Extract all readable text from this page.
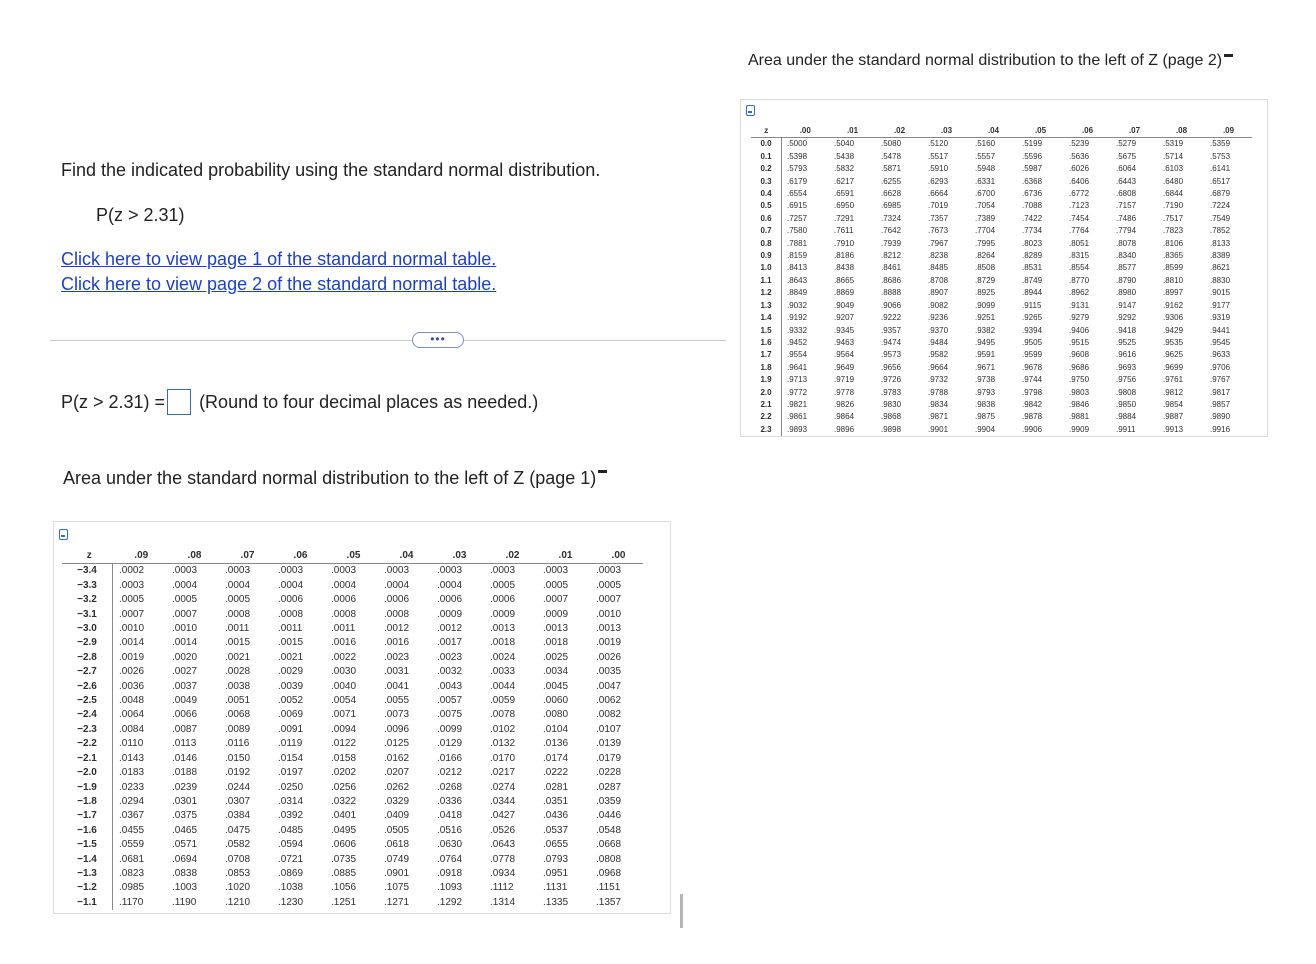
Find the indicated probability using the standard normal distribution.
P(z > 2.31)
Click here to view page 1 of the standard normal table.
Click here to view page 2 of the standard normal table.
•••
P(z > 2.31) = (Round to four decimal places as needed.)
Area under the standard normal distribution to the left of Z (page 1)
z	.09	.08	.07	.06	.05	.04	.03	.02	.01	.00
−3.4	.0002	.0003	.0003	.0003	.0003	.0003	.0003	.0003	.0003	.0003
−3.3	.0003	.0004	.0004	.0004	.0004	.0004	.0004	.0005	.0005	.0005
−3.2	.0005	.0005	.0005	.0006	.0006	.0006	.0006	.0006	.0007	.0007
−3.1	.0007	.0007	.0008	.0008	.0008	.0008	.0009	.0009	.0009	.0010
−3.0	.0010	.0010	.0011	.0011	.0011	.0012	.0012	.0013	.0013	.0013
−2.9	.0014	.0014	.0015	.0015	.0016	.0016	.0017	.0018	.0018	.0019
−2.8	.0019	.0020	.0021	.0021	.0022	.0023	.0023	.0024	.0025	.0026
−2.7	.0026	.0027	.0028	.0029	.0030	.0031	.0032	.0033	.0034	.0035
−2.6	.0036	.0037	.0038	.0039	.0040	.0041	.0043	.0044	.0045	.0047
−2.5	.0048	.0049	.0051	.0052	.0054	.0055	.0057	.0059	.0060	.0062
−2.4	.0064	.0066	.0068	.0069	.0071	.0073	.0075	.0078	.0080	.0082
−2.3	.0084	.0087	.0089	.0091	.0094	.0096	.0099	.0102	.0104	.0107
−2.2	.0110	.0113	.0116	.0119	.0122	.0125	.0129	.0132	.0136	.0139
−2.1	.0143	.0146	.0150	.0154	.0158	.0162	.0166	.0170	.0174	.0179
−2.0	.0183	.0188	.0192	.0197	.0202	.0207	.0212	.0217	.0222	.0228
−1.9	.0233	.0239	.0244	.0250	.0256	.0262	.0268	.0274	.0281	.0287
−1.8	.0294	.0301	.0307	.0314	.0322	.0329	.0336	.0344	.0351	.0359
−1.7	.0367	.0375	.0384	.0392	.0401	.0409	.0418	.0427	.0436	.0446
−1.6	.0455	.0465	.0475	.0485	.0495	.0505	.0516	.0526	.0537	.0548
−1.5	.0559	.0571	.0582	.0594	.0606	.0618	.0630	.0643	.0655	.0668
−1.4	.0681	.0694	.0708	.0721	.0735	.0749	.0764	.0778	.0793	.0808
−1.3	.0823	.0838	.0853	.0869	.0885	.0901	.0918	.0934	.0951	.0968
−1.2	.0985	.1003	.1020	.1038	.1056	.1075	.1093	.1112	.1131	.1151
−1.1	.1170	.1190	.1210	.1230	.1251	.1271	.1292	.1314	.1335	.1357
Area under the standard normal distribution to the left of Z (page 2)
z	.00	.01	.02	.03	.04	.05	.06	.07	.08	.09
0.0	.5000	.5040	.5080	.5120	.5160	.5199	.5239	.5279	.5319	.5359
0.1	.5398	.5438	.5478	.5517	.5557	.5596	.5636	.5675	.5714	.5753
0.2	.5793	.5832	.5871	.5910	.5948	.5987	.6026	.6064	.6103	.6141
0.3	.6179	.6217	.6255	.6293	.6331	.6368	.6406	.6443	.6480	.6517
0.4	.6554	.6591	.6628	.6664	.6700	.6736	.6772	.6808	.6844	.6879
0.5	.6915	.6950	.6985	.7019	.7054	.7088	.7123	.7157	.7190	.7224
0.6	.7257	.7291	.7324	.7357	.7389	.7422	.7454	.7486	.7517	.7549
0.7	.7580	.7611	.7642	.7673	.7704	.7734	.7764	.7794	.7823	.7852
0.8	.7881	.7910	.7939	.7967	.7995	.8023	.8051	.8078	.8106	.8133
0.9	.8159	.8186	.8212	.8238	.8264	.8289	.8315	.8340	.8365	.8389
1.0	.8413	.8438	.8461	.8485	.8508	.8531	.8554	.8577	.8599	.8621
1.1	.8643	.8665	.8686	.8708	.8729	.8749	.8770	.8790	.8810	.8830
1.2	.8849	.8869	.8888	.8907	.8925	.8944	.8962	.8980	.8997	.9015
1.3	.9032	.9049	.9066	.9082	.9099	.9115	.9131	.9147	.9162	.9177
1.4	.9192	.9207	.9222	.9236	.9251	.9265	.9279	.9292	.9306	.9319
1.5	.9332	.9345	.9357	.9370	.9382	.9394	.9406	.9418	.9429	.9441
1.6	.9452	.9463	.9474	.9484	.9495	.9505	.9515	.9525	.9535	.9545
1.7	.9554	.9564	.9573	.9582	.9591	.9599	.9608	.9616	.9625	.9633
1.8	.9641	.9649	.9656	.9664	.9671	.9678	.9686	.9693	.9699	.9706
1.9	.9713	.9719	.9726	.9732	.9738	.9744	.9750	.9756	.9761	.9767
2.0	.9772	.9778	.9783	.9788	.9793	.9798	.9803	.9808	.9812	.9817
2.1	.9821	.9826	.9830	.9834	.9838	.9842	.9846	.9850	.9854	.9857
2.2	.9861	.9864	.9868	.9871	.9875	.9878	.9881	.9884	.9887	.9890
2.3	.9893	.9896	.9898	.9901	.9904	.9906	.9909	.9911	.9913	.9916
